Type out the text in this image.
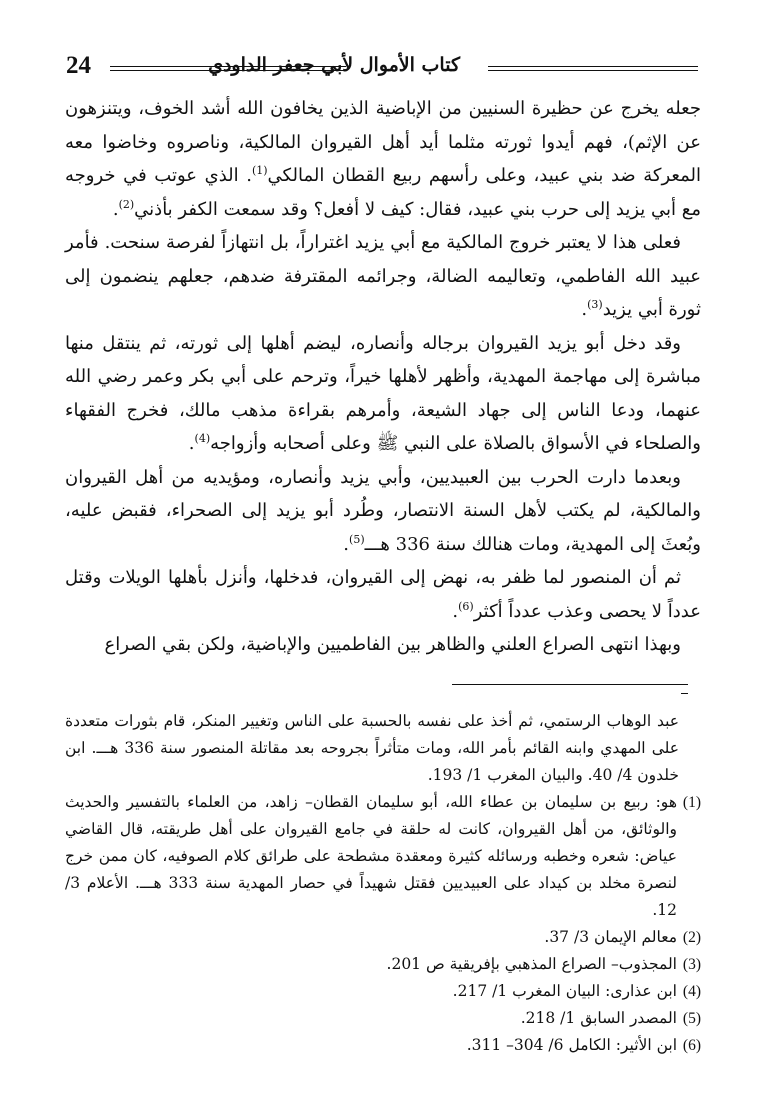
24	كتاب الأموال لأبي جعفر الداودي

جعله يخرج عن حظيرة السنيين من الإباضية الذين يخافون الله أشد الخوف، ويتنزهون عن الإثم)، فهم أيدوا ثورته مثلما أيد أهل القيروان المالكية، وناصروه وخاضوا معه المعركة ضد بني عبيد، وعلى رأسهم ربيع القطان المالكي$^{(1)}$. الذي عوتب في خروجه مع أبي يزيد إلى حرب بني عبيد، فقال: كيف لا أفعل؟ وقد سمعت الكفر بأذني$^{(2)}$.

فعلى هذا لا يعتبر خروج المالكية مع أبي يزيد اغتراراً، بل انتهازاً لفرصة سنحت. فأمر عبيد الله الفاطمي، وتعاليمه الضالة، وجرائمه المقترفة ضدهم، جعلهم ينضمون إلى ثورة أبي يزيد$^{(3)}$.

وقد دخل أبو يزيد القيروان برجاله وأنصاره، ليضم أهلها إلى ثورته، ثم ينتقل منها مباشرة إلى مهاجمة المهدية، وأظهر لأهلها خيراً، وترحم على أبي بكر وعمر رضي الله عنهما، ودعا الناس إلى جهاد الشيعة، وأمرهم بقراءة مذهب مالك، فخرج الفقهاء والصلحاء في الأسواق بالصلاة على النبي ﷺ وعلى أصحابه وأزواجه$^{(4)}$.

وبعدما دارت الحرب بين العبيديين، وأبي يزيد وأنصاره، ومؤيديه من أهل القيروان والمالكية، لم يكتب لأهل السنة الانتصار، وطُرد أبو يزيد إلى الصحراء، فقبض عليه، وبُعثَ إلى المهدية، ومات هنالك سنة 336 هـــ$^{(5)}$.

ثم أن المنصور لما ظفر به، نهض إلى القيروان، فدخلها، وأنزل بأهلها الويلات وقتل عدداً لا يحصى وعذب عدداً أكثر$^{(6)}$.

وبهذا انتهى الصراع العلني والظاهر بين الفاطميين والإباضية، ولكن بقي الصراع

عبد الوهاب الرستمي، ثم أخذ على نفسه بالحسبة على الناس وتغيير المنكر، قام بثورات متعددة على المهدي وابنه القائم بأمر الله، ومات متأثراً بجروحه بعد مقاتلة المنصور سنة 336 هـــ. ابن خلدون 4/ 40. والبيان المغرب 1/ 193.

(1)
هو: ربيع بن سليمان بن عطاء الله، أبو سليمان القطان– زاهد، من العلماء بالتفسير والحديث والوثائق، من أهل القيروان، كانت له حلقة في جامع القيروان على أهل طريقته، قال القاضي عياض: شعره وخطبه ورسائله كثيرة ومعقدة مشطحة على طرائق كلام الصوفيه، كان ممن خرج لنصرة مخلد بن كيداد على العبيديين فقتل شهيداً في حصار المهدية سنة 333 هـــ. الأعلام 3/ 12.
(2)
معالم الإيمان 3/ 37.
(3)
المجذوب– الصراع المذهبي بإفريقية ص 201.
(4)
ابن عذارى: البيان المغرب 1/ 217.
(5)
المصدر السابق 1/ 218.
(6)
ابن الأثير: الكامل 6/ 304– 311.
